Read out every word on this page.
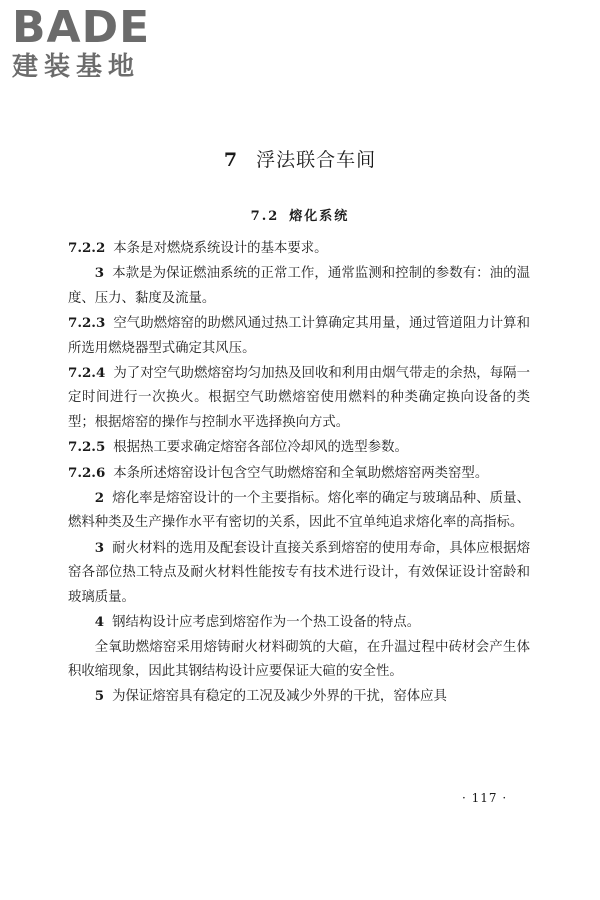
BADE
建装基地
7 浮法联合车间
7.2 熔化系统

7.2.2 本条是对燃烧系统设计的基本要求。

3 本款是为保证燃油系统的正常工作，通常监测和控制的参数有：油的温度、压力、黏度及流量。

7.2.3 空气助燃熔窑的助燃风通过热工计算确定其用量，通过管道阻力计算和所选用燃烧器型式确定其风压。

7.2.4 为了对空气助燃熔窑均匀加热及回收和利用由烟气带走的余热，每隔一定时间进行一次换火。根据空气助燃熔窑使用燃料的种类确定换向设备的类型；根据熔窑的操作与控制水平选择换向方式。

7.2.5 根据热工要求确定熔窑各部位冷却风的选型参数。

7.2.6 本条所述熔窑设计包含空气助燃熔窑和全氧助燃熔窑两类窑型。

2 熔化率是熔窑设计的一个主要指标。熔化率的确定与玻璃品种、质量、燃料种类及生产操作水平有密切的关系，因此不宜单纯追求熔化率的高指标。

3 耐火材料的选用及配套设计直接关系到熔窑的使用寿命，具体应根据熔窑各部位热工特点及耐火材料性能按专有技术进行设计，有效保证设计窑龄和玻璃质量。

4 钢结构设计应考虑到熔窑作为一个热工设备的特点。

全氧助燃熔窑采用熔铸耐火材料砌筑的大碹，在升温过程中砖材会产生体积收缩现象，因此其钢结构设计应要保证大碹的安全性。

5 为保证熔窑具有稳定的工况及减少外界的干扰，窑体应具

· 117 ·
